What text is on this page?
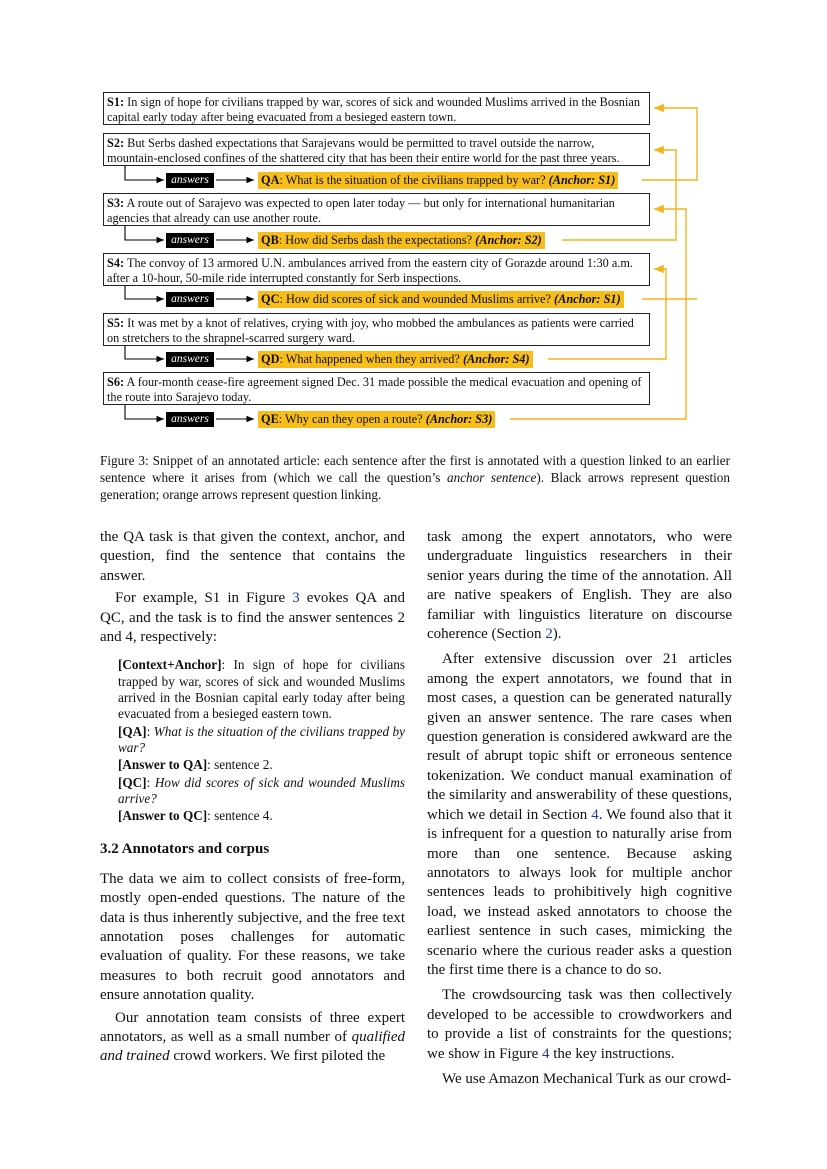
S1: In sign of hope for civilians trapped by war, scores of sick and wounded Muslims arrived in the Bosnian capital early today after being evacuated from a besieged eastern town.
S2: But Serbs dashed expectations that Sarajevans would be permitted to travel outside the narrow, mountain-enclosed confines of the shattered city that has been their entire world for the past three years.
S3: A route out of Sarajevo was expected to open later today — but only for international humanitarian agencies that already can use another route.
S4: The convoy of 13 armored U.N. ambulances arrived from the eastern city of Gorazde around 1:30 a.m. after a 10-hour, 50-mile ride interrupted constantly for Serb inspections.
S5: It was met by a knot of relatives, crying with joy, who mobbed the ambulances as patients were carried on stretchers to the shrapnel-scarred surgery ward.
S6: A four-month cease-fire agreement signed Dec. 31 made possible the medical evacuation and opening of the route into Sarajevo today.
answers
answers
answers
answers
answers
QA: What is the situation of the civilians trapped by war? (Anchor: S1)
QB: How did Serbs dash the expectations? (Anchor: S2)
QC: How did scores of sick and wounded Muslims arrive? (Anchor: S1)
QD: What happened when they arrived? (Anchor: S4)
QE: Why can they open a route? (Anchor: S3)
Figure 3: Snippet of an annotated article: each sentence after the first is annotated with a question linked to an earlier sentence where it arises from (which we call the question’s anchor sentence). Black arrows represent question generation; orange arrows represent question linking.

the QA task is that given the context, anchor, and question, find the sentence that contains the answer.

For example, S1 in Figure 3 evokes QA and QC, and the task is to find the answer sentences 2 and 4, respectively:

[Context+Anchor]: In sign of hope for civilians trapped by war, scores of sick and wounded Muslims arrived in the Bosnian capital early today after being evacuated from a besieged eastern town.

[QA]: What is the situation of the civilians trapped by war?

[Answer to QA]: sentence 2.

[QC]: How did scores of sick and wounded Muslims arrive?

[Answer to QC]: sentence 4.

3.2 Annotators and corpus

The data we aim to collect consists of free-form, mostly open-ended questions. The nature of the data is thus inherently subjective, and the free text annotation poses challenges for automatic evaluation of quality. For these reasons, we take measures to both recruit good annotators and ensure annotation quality.

Our annotation team consists of three expert annotators, as well as a small number of qualified and trained crowd workers. We first piloted the

task among the expert annotators, who were undergraduate linguistics researchers in their senior years during the time of the annotation. All are native speakers of English. They are also familiar with linguistics literature on discourse coherence (Section 2).

After extensive discussion over 21 articles among the expert annotators, we found that in most cases, a question can be generated naturally given an answer sentence. The rare cases when question generation is considered awkward are the result of abrupt topic shift or erroneous sentence tokenization. We conduct manual examination of the similarity and answerability of these questions, which we detail in Section 4. We found also that it is infrequent for a question to naturally arise from more than one sentence. Because asking annotators to always look for multiple anchor sentences leads to prohibitively high cognitive load, we instead asked annotators to choose the earliest sentence in such cases, mimicking the scenario where the curious reader asks a question the first time there is a chance to do so.

The crowdsourcing task was then collectively developed to be accessible to crowdworkers and to provide a list of constraints for the questions; we show in Figure 4 the key instructions.

We use Amazon Mechanical Turk as our crowd-
